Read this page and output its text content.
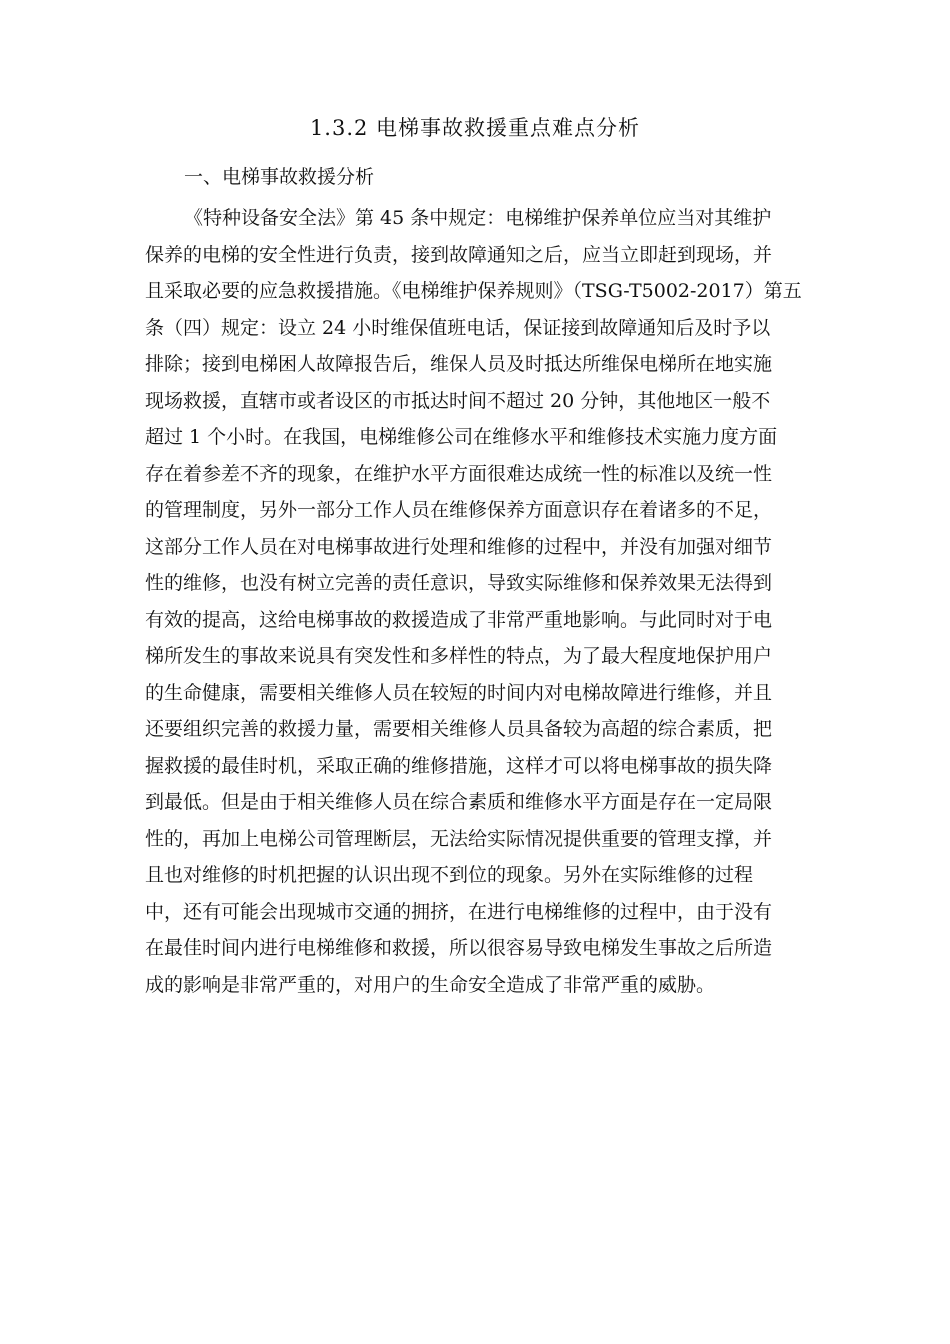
1.3.2 电梯事故救援重点难点分析
一、电梯事故救援分析
《特种设备安全法》第 45 条中规定：电梯维护保养单位应当对其维护
保养的电梯的安全性进行负责，接到故障通知之后，应当立即赶到现场，并
且采取必要的应急救援措施。《电梯维护保养规则》（TSG-T5002-2017）第五
条（四）规定：设立 24 小时维保值班电话，保证接到故障通知后及时予以
排除；接到电梯困人故障报告后，维保人员及时抵达所维保电梯所在地实施
现场救援，直辖市或者设区的市抵达时间不超过 20 分钟，其他地区一般不
超过 1 个小时。在我国，电梯维修公司在维修水平和维修技术实施力度方面
存在着参差不齐的现象，在维护水平方面很难达成统一性的标准以及统一性
的管理制度，另外一部分工作人员在维修保养方面意识存在着诸多的不足，
这部分工作人员在对电梯事故进行处理和维修的过程中，并没有加强对细节
性的维修，也没有树立完善的责任意识，导致实际维修和保养效果无法得到
有效的提高，这给电梯事故的救援造成了非常严重地影响。与此同时对于电
梯所发生的事故来说具有突发性和多样性的特点，为了最大程度地保护用户
的生命健康，需要相关维修人员在较短的时间内对电梯故障进行维修，并且
还要组织完善的救援力量，需要相关维修人员具备较为高超的综合素质，把
握救援的最佳时机，采取正确的维修措施，这样才可以将电梯事故的损失降
到最低。但是由于相关维修人员在综合素质和维修水平方面是存在一定局限
性的，再加上电梯公司管理断层，无法给实际情况提供重要的管理支撑，并
且也对维修的时机把握的认识出现不到位的现象。另外在实际维修的过程
中，还有可能会出现城市交通的拥挤，在进行电梯维修的过程中，由于没有
在最佳时间内进行电梯维修和救援，所以很容易导致电梯发生事故之后所造
成的影响是非常严重的，对用户的生命安全造成了非常严重的威胁。
